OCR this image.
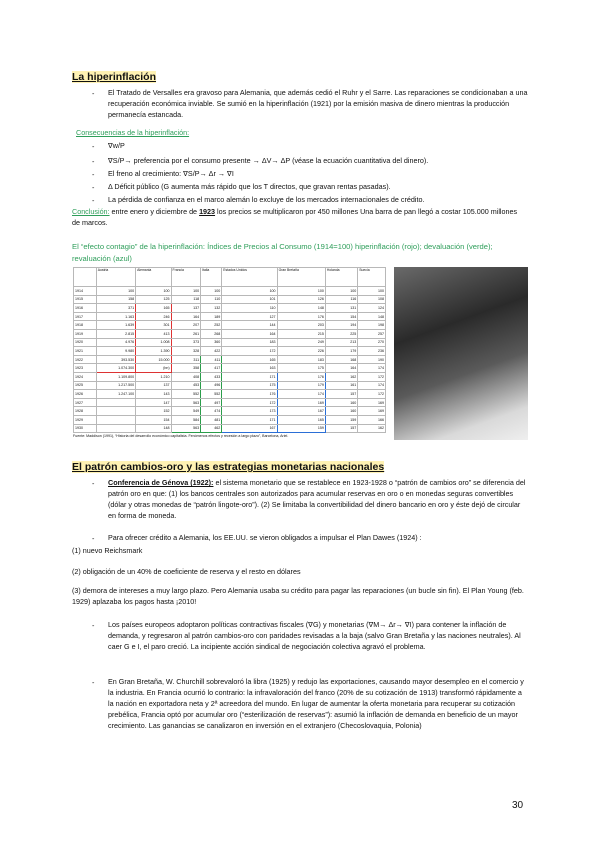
La hiperinflación
- El Tratado de Versalles era gravoso para Alemania, que además cedió el Ruhr y el Sarre. Las reparaciones se condicionaban a una recuperación económica inviable. Se sumió en la hiperinflación (1921) por la emisión masiva de dinero mientras la producción permanecía estancada.
Consecuencias de la hiperinflación:
- ∇w/P
- ∇S/P→ preferencia por el consumo presente → ΔV→ ΔP (véase la ecuación cuantitativa del dinero).
- El freno al crecimiento: ∇S/P→ Δr → ∇I
- Δ Déficit público (G aumenta más rápido que los T directos, que gravan rentas pasadas).
- La pérdida de confianza en el marco alemán lo excluye de los mercados internacionales de crédito.
Conclusión: entre enero y diciembre de 1923 los precios se multiplicaron por 450 millones Una barra de pan llegó a costar 105.000 millones de marcos.
El “efecto contagio” de la hiperinflación: Índices de Precios al Consumo (1914=100) hiperinflación (rojo); devaluación (verde); revaluación (azul)
	Austria	Alemania	Francia	Italia	Estados Unidos	Gran Bretaña	Holanda	Suecia
1914	100	100	100	100	100	100	100	100
1915	158	125	118	110	101	126	116	108
1916	371	165	137	132	110	148	131	124
1917	1.163	246	164	189	127	176	154	148
1918	1.639	301	207	252	144	203	194	198
1919	2.815	413	261	268	164	215	225	257
1920	4.976	1.008	373	360	183	249	213	270
1921	9.980	1.390	328	422	172	226	179	236
1922	393.530	15.000	311	411	165	183	168	190
1923	1.074.300	(bn)	358	417	163	175	164	174
1924	1.109.800	1.210	408	433	171	176	162	172
1925	1.217.500	137	453	496	175	179	161	174
1926	1.247.100	143	552	552	176	174	157	172
1927		147	563	497	172	169	160	169
1928		152	549	474	173	167	160	169
1929		154	584	481	171	165	159	166
1930		148	563	462	167	159	157	162
Fuente: Maddison (1991), “Historia del desarrollo económico capitalista. Fenómenos efectos y recesión a largo plazo”, Barcelona, Ariel.
El patrón cambios-oro y las estrategias monetarias nacionales
- Conferencia de Génova (1922): el sistema monetario que se restablece en 1923-1928 o “patrón de cambios oro” se diferencia del patrón oro en que: (1) los bancos centrales son autorizados para acumular reservas en oro o en monedas seguras convertibles (dólar y otras monedas de “patrón lingote-oro”). (2) Se limitaba la convertibilidad del dinero bancario en oro y éste dejó de circular en forma de moneda.
- Para ofrecer crédito a Alemania, los EE.UU. se vieron obligados a impulsar el Plan Dawes (1924) :
(1) nuevo Reichsmark
(2) obligación de un 40% de coeficiente de reserva y el resto en dólares
(3) demora de intereses a muy largo plazo. Pero Alemania usaba su crédito para pagar las reparaciones (un bucle sin fin). El Plan Young (feb. 1929) aplazaba los pagos hasta ¡2010!
- Los países europeos adoptaron políticas contractivas fiscales (∇G) y monetarias (∇M→ Δr→ ∇I) para contener la inflación de demanda, y regresaron al patrón cambios-oro con paridades revisadas a la baja (salvo Gran Bretaña y las naciones neutrales). Al caer G e I, el paro creció. La incipiente acción sindical de negociación colectiva agravó el problema.
- En Gran Bretaña, W. Churchill sobrevaloró la libra (1925) y redujo las exportaciones, causando mayor desempleo en el comercio y la industria. En Francia ocurrió lo contrario: la infravaloración del franco (20% de su cotización de 1913) transformó rápidamente a la nación en exportadora neta y 2ª acreedora del mundo. En lugar de aumentar la oferta monetaria para recuperar su cotización prebélica, Francia optó por acumular oro (“esterilización de reservas”): asumió la inflación de demanda en beneficio de un mayor crecimiento. Las ganancias se canalizaron en inversión en el extranjero (Checoslovaquia, Polonia)
30
